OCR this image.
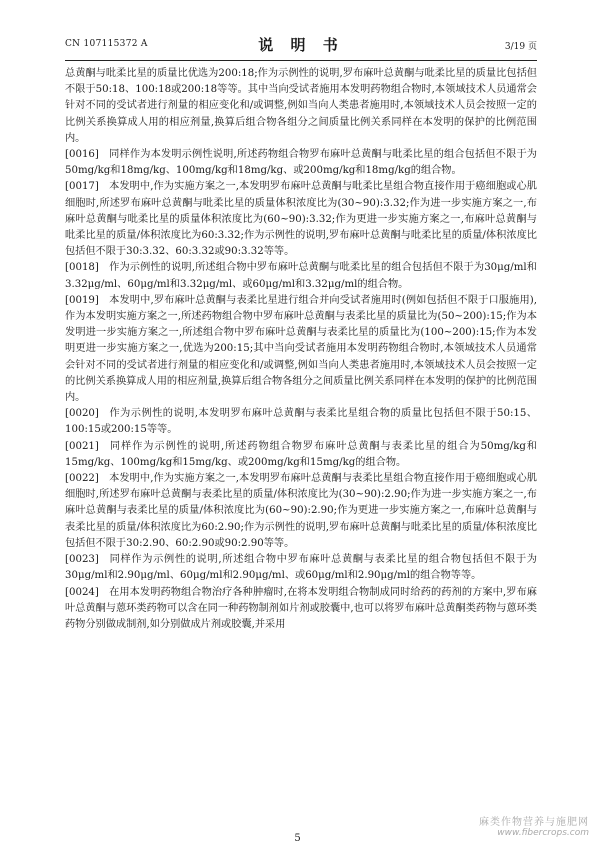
CN 107115372 A	说 明 书	3/19 页

总黄酮与吡柔比星的质量比优选为200:18;作为示例性的说明,罗布麻叶总黄酮与吡柔比星的质量比包括但不限于50:18、100:18或200:18等等。其中当向受试者施用本发明药物组合物时,本领域技术人员通常会针对不同的受试者进行剂量的相应变化和/或调整,例如当向人类患者施用时,本领域技术人员会按照一定的比例关系换算成人用的相应剂量,换算后组合物各组分之间质量比例关系同样在本发明的保护的比例范围内。

[0016] 同样作为本发明示例性说明,所述药物组合物罗布麻叶总黄酮与吡柔比星的组合包括但不限于为50mg/kg和18mg/kg、100mg/kg和18mg/kg、或200mg/kg和18mg/kg的组合物。

[0017] 本发明中,作为实施方案之一,本发明罗布麻叶总黄酮与吡柔比星组合物直接作用于癌细胞或心肌细胞时,所述罗布麻叶总黄酮与吡柔比星的质量体积浓度比为(30~90):3.32;作为进一步实施方案之一,布麻叶总黄酮与吡柔比星的质量体积浓度比为(60~90):3.32;作为更进一步实施方案之一,布麻叶总黄酮与吡柔比星的质量/体积浓度比为60:3.32;作为示例性的说明,罗布麻叶总黄酮与吡柔比星的质量/体积浓度比包括但不限于30:3.32、60:3.32或90:3.32等等。

[0018] 作为示例性的说明,所述组合物中罗布麻叶总黄酮与吡柔比星的组合包括但不限于为30μg/ml和3.32μg/ml、60μg/ml和3.32μg/ml、或60μg/ml和3.32μg/ml的组合物。

[0019] 本发明中,罗布麻叶总黄酮与表柔比星进行组合并向受试者施用时(例如包括但不限于口服施用),作为本发明实施方案之一,所述药物组合物中罗布麻叶总黄酮与表柔比星的质量比为(50~200):15;作为本发明进一步实施方案之一,所述组合物中罗布麻叶总黄酮与表柔比星的质量比为(100~200):15;作为本发明更进一步实施方案之一,优选为200:15;其中当向受试者施用本发明药物组合物时,本领域技术人员通常会针对不同的受试者进行剂量的相应变化和/或调整,例如当向人类患者施用时,本领域技术人员会按照一定的比例关系换算成人用的相应剂量,换算后组合物各组分之间质量比例关系同样在本发明的保护的比例范围内。

[0020] 作为示例性的说明,本发明罗布麻叶总黄酮与表柔比星组合物的质量比包括但不限于50:15、100:15或200:15等等。

[0021] 同样作为示例性的说明,所述药物组合物罗布麻叶总黄酮与表柔比星的组合为50mg/kg和15mg/kg、100mg/kg和15mg/kg、或200mg/kg和15mg/kg的组合物。

[0022] 本发明中,作为实施方案之一,本发明罗布麻叶总黄酮与表柔比星组合物直接作用于癌细胞或心肌细胞时,所述罗布麻叶总黄酮与表柔比星的质量/体积浓度比为(30~90):2.90;作为进一步实施方案之一,布麻叶总黄酮与表柔比星的质量/体积浓度比为(60~90):2.90;作为更进一步实施方案之一,布麻叶总黄酮与表柔比星的质量/体积浓度比为60:2.90;作为示例性的说明,罗布麻叶总黄酮与吡柔比星的质量/体积浓度比包括但不限于30:2.90、60:2.90或90:2.90等等。

[0023] 同样作为示例性的说明,所述组合物中罗布麻叶总黄酮与表柔比星的组合物包括但不限于为30μg/ml和2.90μg/ml、60μg/ml和2.90μg/ml、或60μg/ml和2.90μg/ml的组合物等等。

[0024] 在用本发明药物组合物治疗各种肿瘤时,在将本发明组合物制成同时给药的药剂的方案中,罗布麻叶总黄酮与蒽环类药物可以含在同一种药物制剂如片剂或胶囊中,也可以将罗布麻叶总黄酮类药物与蒽环类药物分别做成制剂,如分别做成片剂或胶囊,并采用

5
麻类作物营养与施肥网
www.fibercrops.com
